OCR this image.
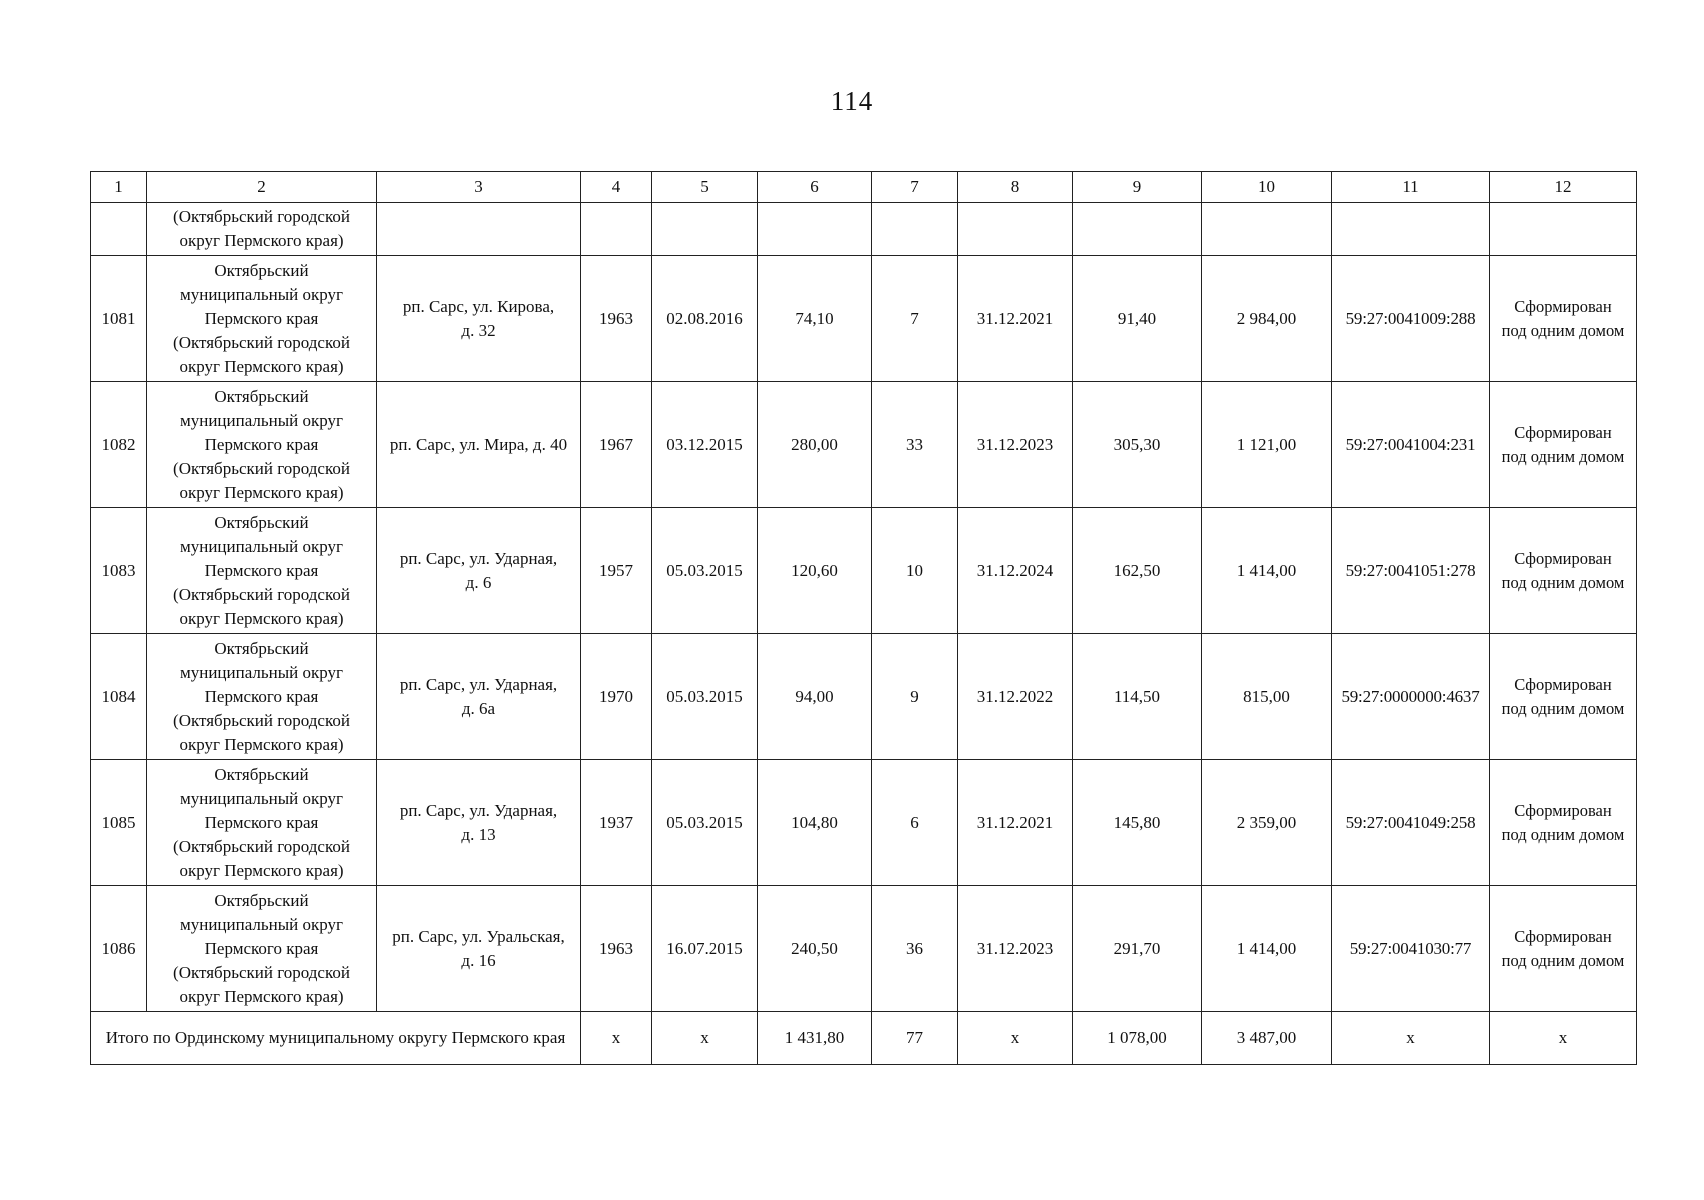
114
1	2	3	4	5	6	7	8	9	10	11	12

	(Октябрьский городской
округ Пермского края)										

1081	Октябрьский
муниципальный округ
Пермского края
(Октябрьский городской
округ Пермского края)	рп. Сарс, ул. Кирова,
д. 32	1963	02.08.2016	74,10	7	31.12.2021	91,40	2 984,00	59:27:0041009:288	Сформирован
под одним домом

1082	Октябрьский
муниципальный округ
Пермского края
(Октябрьский городской
округ Пермского края)	рп. Сарс, ул. Мира, д. 40	1967	03.12.2015	280,00	33	31.12.2023	305,30	1 121,00	59:27:0041004:231	Сформирован
под одним домом

1083	Октябрьский
муниципальный округ
Пермского края
(Октябрьский городской
округ Пермского края)	рп. Сарс, ул. Ударная,
д. 6	1957	05.03.2015	120,60	10	31.12.2024	162,50	1 414,00	59:27:0041051:278	Сформирован
под одним домом

1084	Октябрьский
муниципальный округ
Пермского края
(Октябрьский городской
округ Пермского края)	рп. Сарс, ул. Ударная,
д. 6а	1970	05.03.2015	94,00	9	31.12.2022	114,50	815,00	59:27:0000000:4637	Сформирован
под одним домом

1085	Октябрьский
муниципальный округ
Пермского края
(Октябрьский городской
округ Пермского края)	рп. Сарс, ул. Ударная,
д. 13	1937	05.03.2015	104,80	6	31.12.2021	145,80	2 359,00	59:27:0041049:258	Сформирован
под одним домом

1086	Октябрьский
муниципальный округ
Пермского края
(Октябрьский городской
округ Пермского края)	рп. Сарс, ул. Уральская,
д. 16	1963	16.07.2015	240,50	36	31.12.2023	291,70	1 414,00	59:27:0041030:77	Сформирован
под одним домом

Итого по Ординскому муниципальному округу Пермского края			x	x	1 431,80	77	x	1 078,00	3 487,00	x	x
